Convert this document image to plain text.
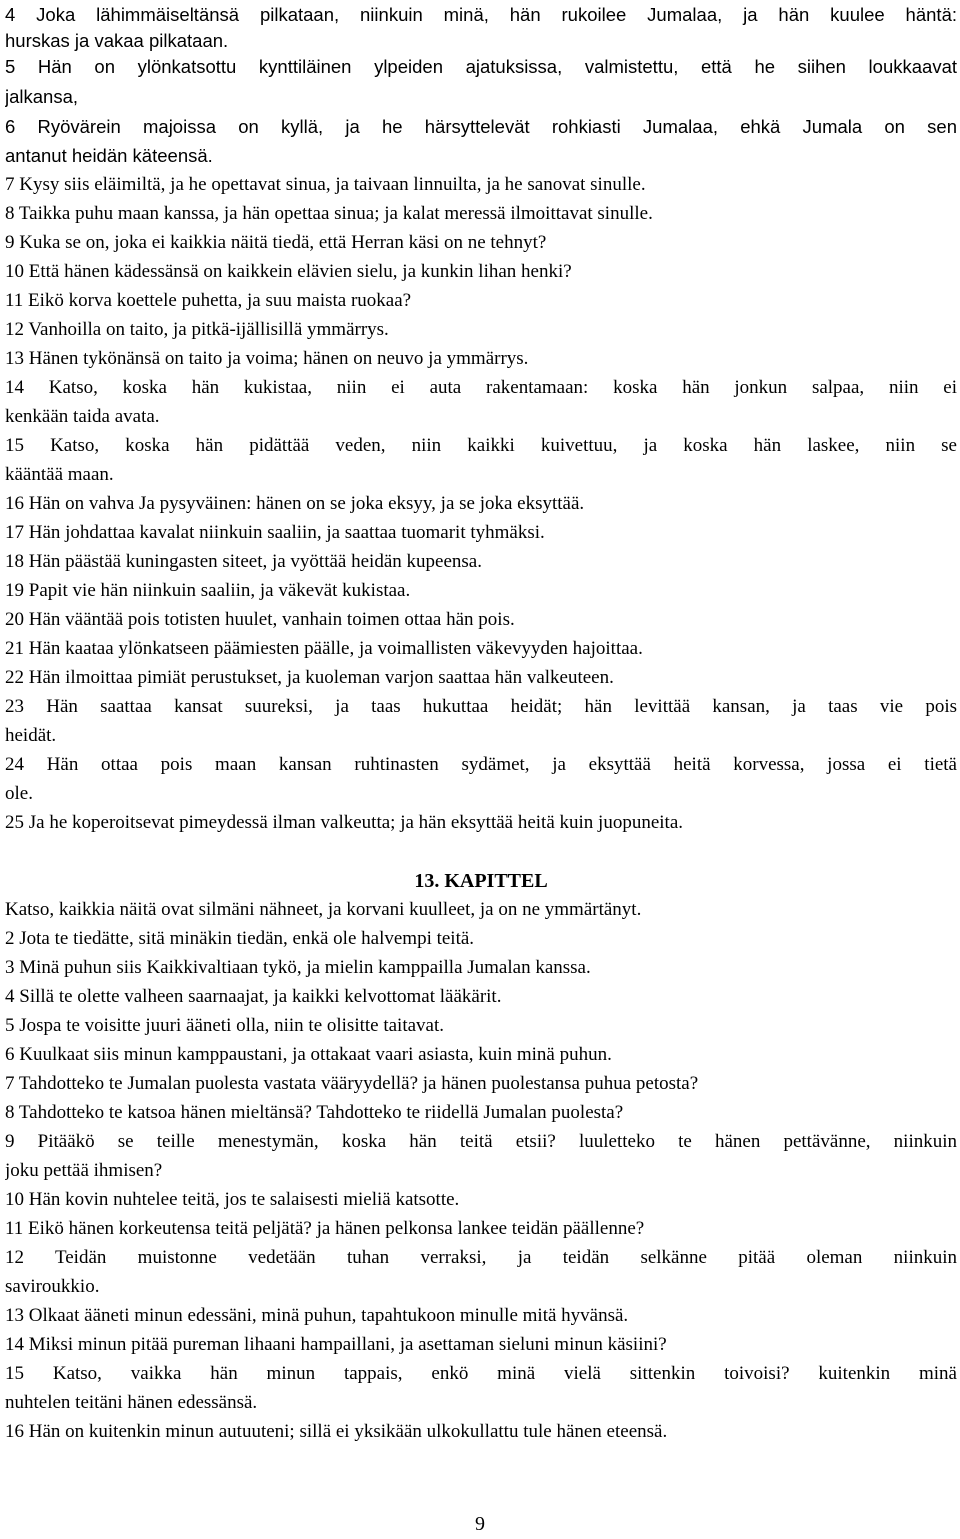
4 Joka lähimmäiseltänsä pilkataan, niinkuin minä, hän rukoilee Jumalaa, ja hän kuulee häntä:
hurskas ja vakaa pilkataan.
5 Hän on ylönkatsottu kynttiläinen ylpeiden ajatuksissa, valmistettu, että he siihen loukkaavat
jalkansa,
6 Ryövärein majoissa on kyllä, ja he härsyttelevät rohkiasti Jumalaa, ehkä Jumala on sen
antanut heidän käteensä.
7 Kysy siis eläimiltä, ja he opettavat sinua, ja taivaan linnuilta, ja he sanovat sinulle.
8 Taikka puhu maan kanssa, ja hän opettaa sinua; ja kalat meressä ilmoittavat sinulle.
9 Kuka se on, joka ei kaikkia näitä tiedä, että Herran käsi on ne tehnyt?
10 Että hänen kädessänsä on kaikkein elävien sielu, ja kunkin lihan henki?
11 Eikö korva koettele puhetta, ja suu maista ruokaa?
12 Vanhoilla on taito, ja pitkä-ijällisillä ymmärrys.
13 Hänen tykönänsä on taito ja voima; hänen on neuvo ja ymmärrys.
14 Katso, koska hän kukistaa, niin ei auta rakentamaan: koska hän jonkun salpaa, niin ei
kenkään taida avata.
15 Katso, koska hän pidättää veden, niin kaikki kuivettuu, ja koska hän laskee, niin se
kääntää maan.
16 Hän on vahva Ja pysyväinen: hänen on se joka eksyy, ja se joka eksyttää.
17 Hän johdattaa kavalat niinkuin saaliin, ja saattaa tuomarit tyhmäksi.
18 Hän päästää kuningasten siteet, ja vyöttää heidän kupeensa.
19 Papit vie hän niinkuin saaliin, ja väkevät kukistaa.
20 Hän vääntää pois totisten huulet, vanhain toimen ottaa hän pois.
21 Hän kaataa ylönkatseen päämiesten päälle, ja voimallisten väkevyyden hajoittaa.
22 Hän ilmoittaa pimiät perustukset, ja kuoleman varjon saattaa hän valkeuteen.
23 Hän saattaa kansat suureksi, ja taas hukuttaa heidät; hän levittää kansan, ja taas vie pois
heidät.
24 Hän ottaa pois maan kansan ruhtinasten sydämet, ja eksyttää heitä korvessa, jossa ei tietä
ole.
25 Ja he koperoitsevat pimeydessä ilman valkeutta; ja hän eksyttää heitä kuin juopuneita.
13. KAPITTEL
Katso, kaikkia näitä ovat silmäni nähneet, ja korvani kuulleet, ja on ne ymmärtänyt.
2 Jota te tiedätte, sitä minäkin tiedän, enkä ole halvempi teitä.
3 Minä puhun siis Kaikkivaltiaan tykö, ja mielin kamppailla Jumalan kanssa.
4 Sillä te olette valheen saarnaajat, ja kaikki kelvottomat lääkärit.
5 Jospa te voisitte juuri ääneti olla, niin te olisitte taitavat.
6 Kuulkaat siis minun kamppaustani, ja ottakaat vaari asiasta, kuin minä puhun.
7 Tahdotteko te Jumalan puolesta vastata vääryydellä? ja hänen puolestansa puhua petosta?
8 Tahdotteko te katsoa hänen mieltänsä? Tahdotteko te riidellä Jumalan puolesta?
9 Pitääkö se teille menestymän, koska hän teitä etsii? luuletteko te hänen pettävänne, niinkuin
joku pettää ihmisen?
10 Hän kovin nuhtelee teitä, jos te salaisesti mieliä katsotte.
11 Eikö hänen korkeutensa teitä peljätä? ja hänen pelkonsa lankee teidän päällenne?
12 Teidän muistonne vedetään tuhan verraksi, ja teidän selkänne pitää oleman niinkuin
saviroukkio.
13 Olkaat ääneti minun edessäni, minä puhun, tapahtukoon minulle mitä hyvänsä.
14 Miksi minun pitää pureman lihaani hampaillani, ja asettaman sieluni minun käsiini?
15 Katso, vaikka hän minun tappais, enkö minä vielä sittenkin toivoisi? kuitenkin minä
nuhtelen teitäni hänen edessänsä.
16 Hän on kuitenkin minun autuuteni; sillä ei yksikään ulkokullattu tule hänen eteensä.
9
